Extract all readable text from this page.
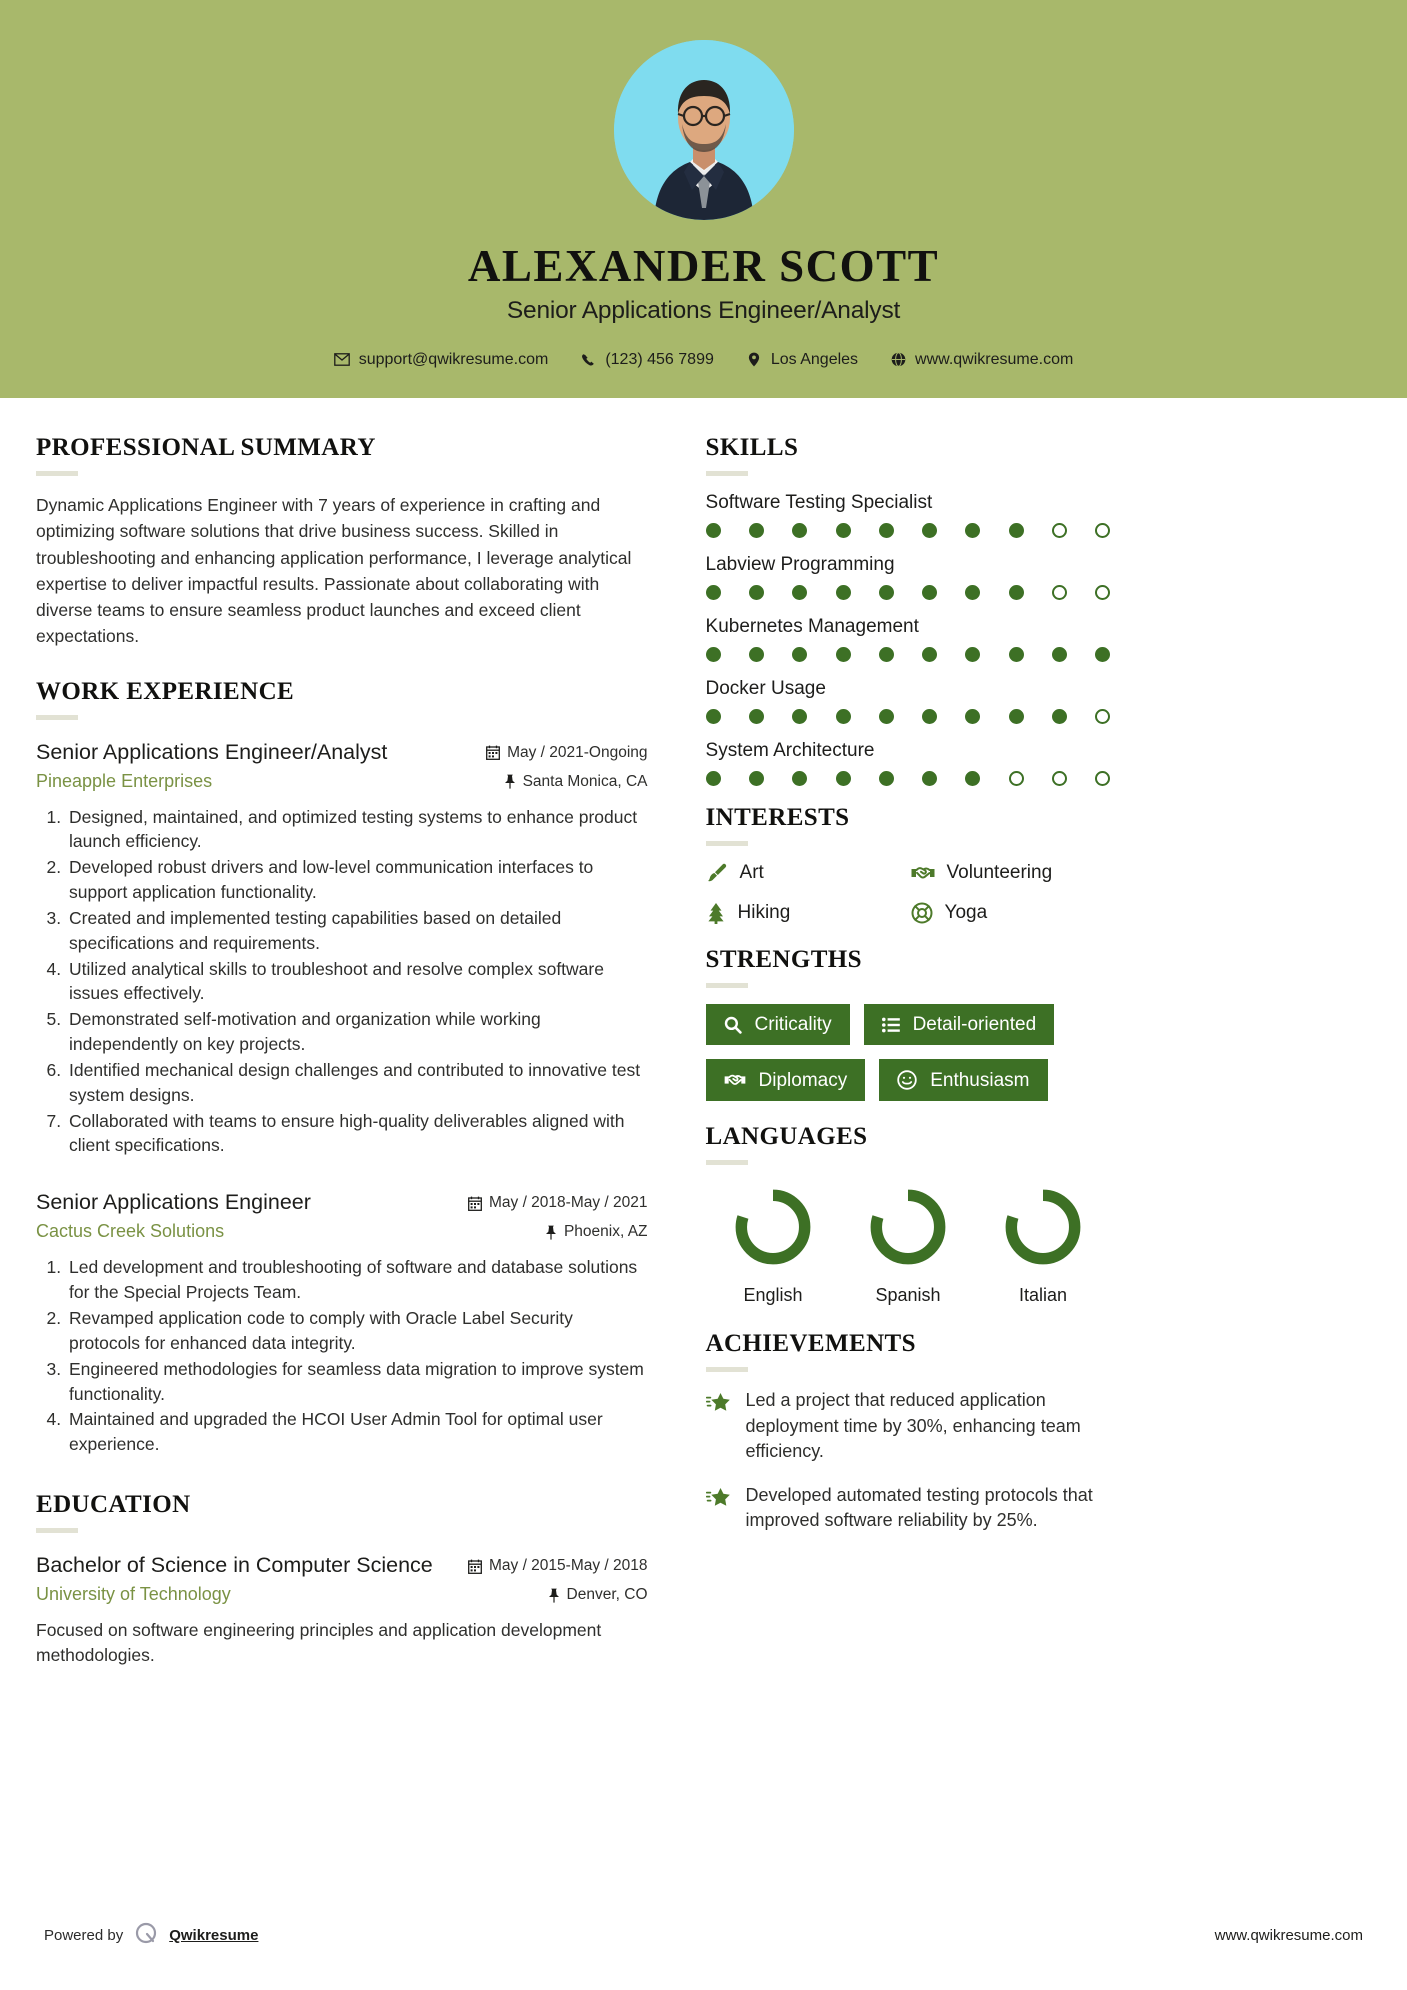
ALEXANDER SCOTT
Senior Applications Engineer/Analyst
support@qwikresume.com	(123) 456 7899	Los Angeles	www.qwikresume.com
PROFESSIONAL SUMMARY
Dynamic Applications Engineer with 7 years of experience in crafting and optimizing software solutions that drive business success. Skilled in troubleshooting and enhancing application performance, I leverage analytical expertise to deliver impactful results. Passionate about collaborating with diverse teams to ensure seamless product launches and exceed client expectations.
WORK EXPERIENCE
Senior Applications Engineer/Analyst
Pineapple Enterprises
May / 2021-Ongoing
Santa Monica, CA
1. Designed, maintained, and optimized testing systems to enhance product launch efficiency.
2. Developed robust drivers and low-level communication interfaces to support application functionality.
3. Created and implemented testing capabilities based on detailed specifications and requirements.
4. Utilized analytical skills to troubleshoot and resolve complex software issues effectively.
5. Demonstrated self-motivation and organization while working independently on key projects.
6. Identified mechanical design challenges and contributed to innovative test system designs.
7. Collaborated with teams to ensure high-quality deliverables aligned with client specifications.
Senior Applications Engineer
Cactus Creek Solutions
May / 2018-May / 2021
Phoenix, AZ
1. Led development and troubleshooting of software and database solutions for the Special Projects Team.
2. Revamped application code to comply with Oracle Label Security protocols for enhanced data integrity.
3. Engineered methodologies for seamless data migration to improve system functionality.
4. Maintained and upgraded the HCOI User Admin Tool for optimal user experience.
EDUCATION
Bachelor of Science in Computer Science
University of Technology
May / 2015-May / 2018
Denver, CO
Focused on software engineering principles and application development methodologies.
SKILLS
Software Testing Specialist
Labview Programming
Kubernetes Management
Docker Usage
System Architecture
INTERESTS
Art	Volunteering
Hiking	Yoga
STRENGTHS
Criticality	Detail-oriented
Diplomacy	Enthusiasm
LANGUAGES
English	Spanish	Italian
ACHIEVEMENTS
Led a project that reduced application deployment time by 30%, enhancing team efficiency.
Developed automated testing protocols that improved software reliability by 25%.
Powered by	Qwikresume	www.qwikresume.com
